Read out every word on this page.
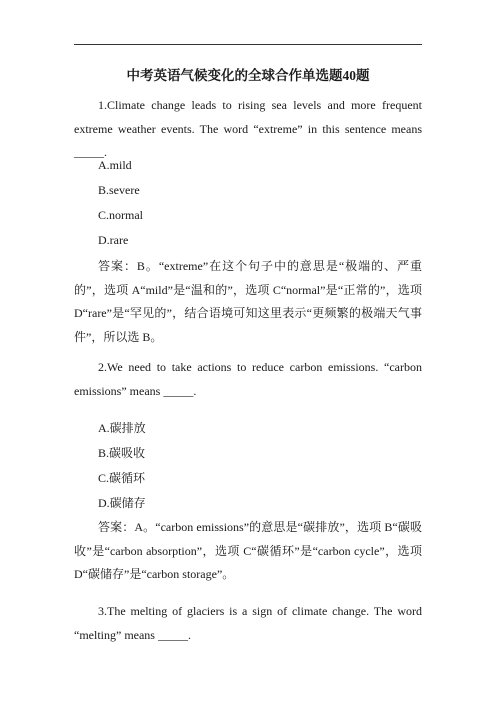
中考英语气候变化的全球合作单选题40题
1.Climate change leads to rising sea levels and more frequent extreme weather events. The word “extreme” in this sentence means _____.
A.mild
B.severe
C.normal
D.rare
答案：B。“extreme”在这个句子中的意思是“极端的、严重的”，选项 A“mild”是“温和的”，选项 C“normal”是“正常的”，选项 D“rare”是“罕见的”，结合语境可知这里表示“更频繁的极端天气事件”，所以选 B。
2.We need to take actions to reduce carbon emissions. “carbon emissions” means _____.
A.碳排放
B.碳吸收
C.碳循环
D.碳储存
答案：A。“carbon emissions”的意思是“碳排放”，选项 B“碳吸收”是“carbon absorption”，选项 C“碳循环”是“carbon cycle”，选项 D“碳储存”是“carbon storage”。
3.The melting of glaciers is a sign of climate change. The word “melting” means _____.
